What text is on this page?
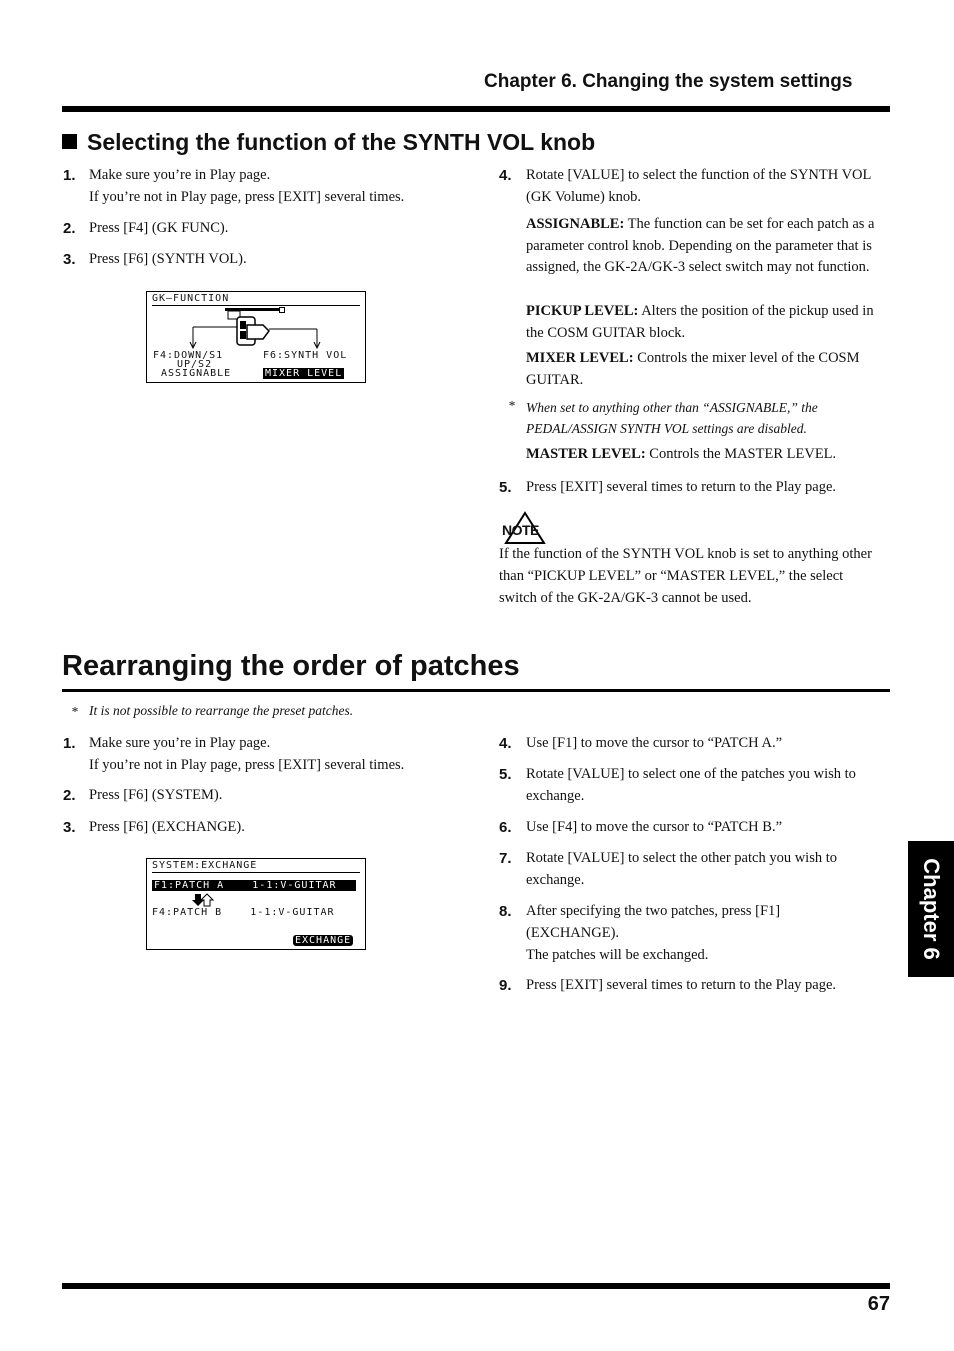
Chapter 6. Changing the system settings
Selecting the function of the SYNTH VOL knob
1. Make sure you’re in Play page.
If you’re not in Play page, press [EXIT] several times.
2. Press [F4] (GK FUNC).
3. Press [F6] (SYNTH VOL).
GK–FUNCTION
F4:DOWN/S1
UP/S2
ASSIGNABLE
F6:SYNTH VOL
MIXER LEVEL
4. Rotate [VALUE] to select the function of the SYNTH VOL (GK Volume) knob.
ASSIGNABLE: The function can be set for each patch as a parameter control knob. Depending on the parameter that is assigned, the GK-2A/GK-3 select switch may not function.
PICKUP LEVEL: Alters the position of the pickup used in the COSM GUITAR block.
MIXER LEVEL: Controls the mixer level of the COSM GUITAR.
* When set to anything other than “ASSIGNABLE,” the PEDAL/ASSIGN SYNTH VOL settings are disabled.
MASTER LEVEL: Controls the MASTER LEVEL.
5. Press [EXIT] several times to return to the Play page.
NOTE
If the function of the SYNTH VOL knob is set to anything other than “PICKUP LEVEL” or “MASTER LEVEL,” the select switch of the GK-2A/GK-3 cannot be used.
Rearranging the order of patches
* It is not possible to rearrange the preset patches.
1. Make sure you’re in Play page.
If you’re not in Play page, press [EXIT] several times.
2. Press [F6] (SYSTEM).
3. Press [F6] (EXCHANGE).
SYSTEM:EXCHANGE
F1:PATCH A    1-1:V-GUITAR
F4:PATCH B    1-1:V-GUITAR
EXCHANGE
4. Use [F1] to move the cursor to “PATCH A.”
5. Rotate [VALUE] to select one of the patches you wish to exchange.
6. Use [F4] to move the cursor to “PATCH B.”
7. Rotate [VALUE] to select the other patch you wish to exchange.
8. After specifying the two patches, press [F1] (EXCHANGE).
The patches will be exchanged.
9. Press [EXIT] several times to return to the Play page.
Chapter 6
67
